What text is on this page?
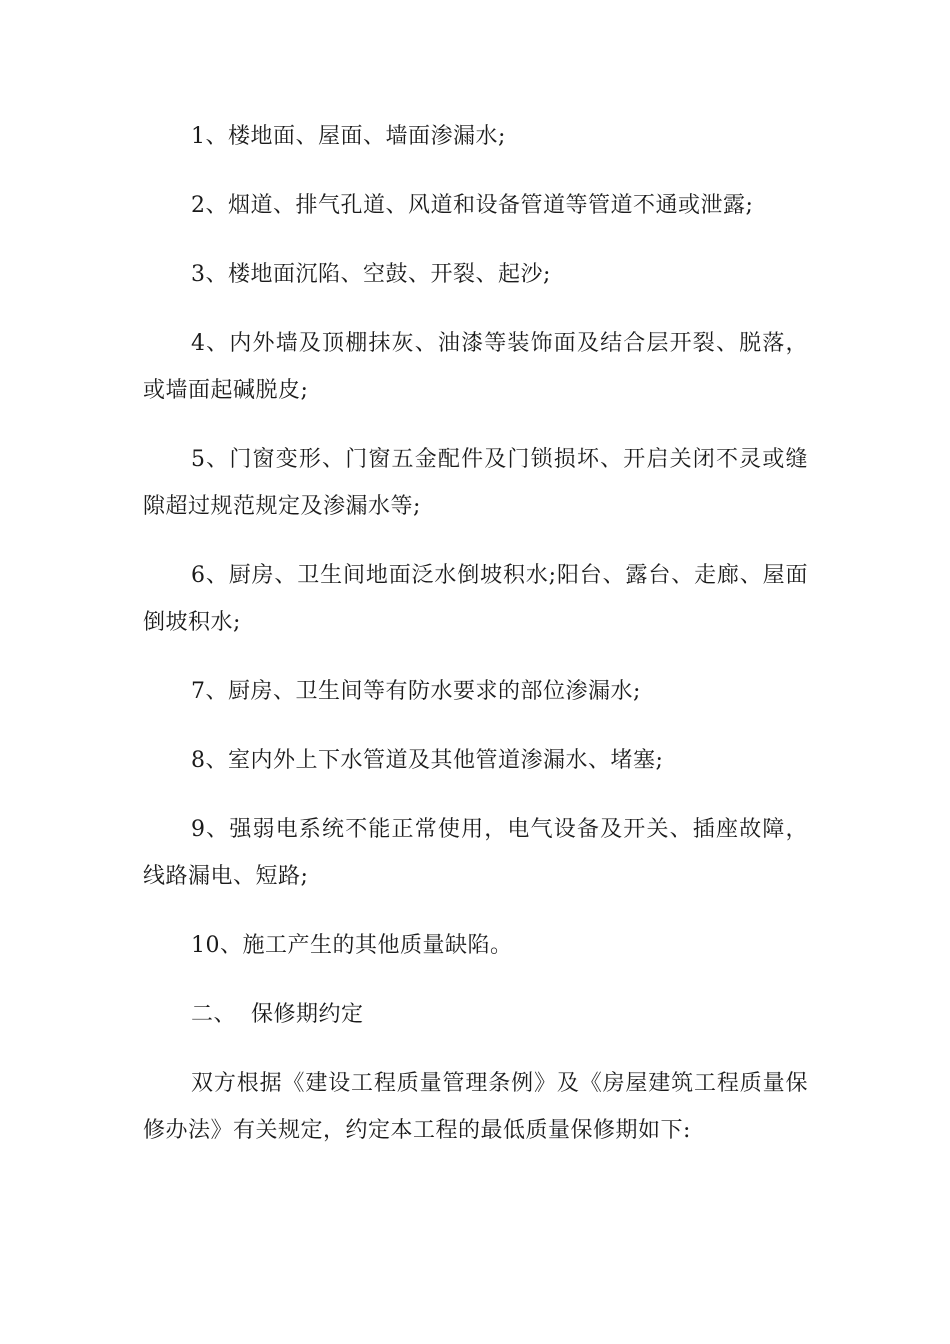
1、楼地面、屋面、墙面渗漏水;

2、烟道、排气孔道、风道和设备管道等管道不通或泄露;

3、楼地面沉陷、空鼓、开裂、起沙;

4、内外墙及顶棚抹灰、油漆等装饰面及结合层开裂、脱落，或墙面起碱脱皮;

5、门窗变形、门窗五金配件及门锁损坏、开启关闭不灵或缝隙超过规范规定及渗漏水等;

6、厨房、卫生间地面泛水倒坡积水;阳台、露台、走廊、屋面倒坡积水;

7、厨房、卫生间等有防水要求的部位渗漏水;

8、室内外上下水管道及其他管道渗漏水、堵塞;

9、强弱电系统不能正常使用，电气设备及开关、插座故障，线路漏电、短路;

10、施工产生的其他质量缺陷。

二、  保修期约定

双方根据《建设工程质量管理条例》及《房屋建筑工程质量保修办法》有关规定，约定本工程的最低质量保修期如下:
